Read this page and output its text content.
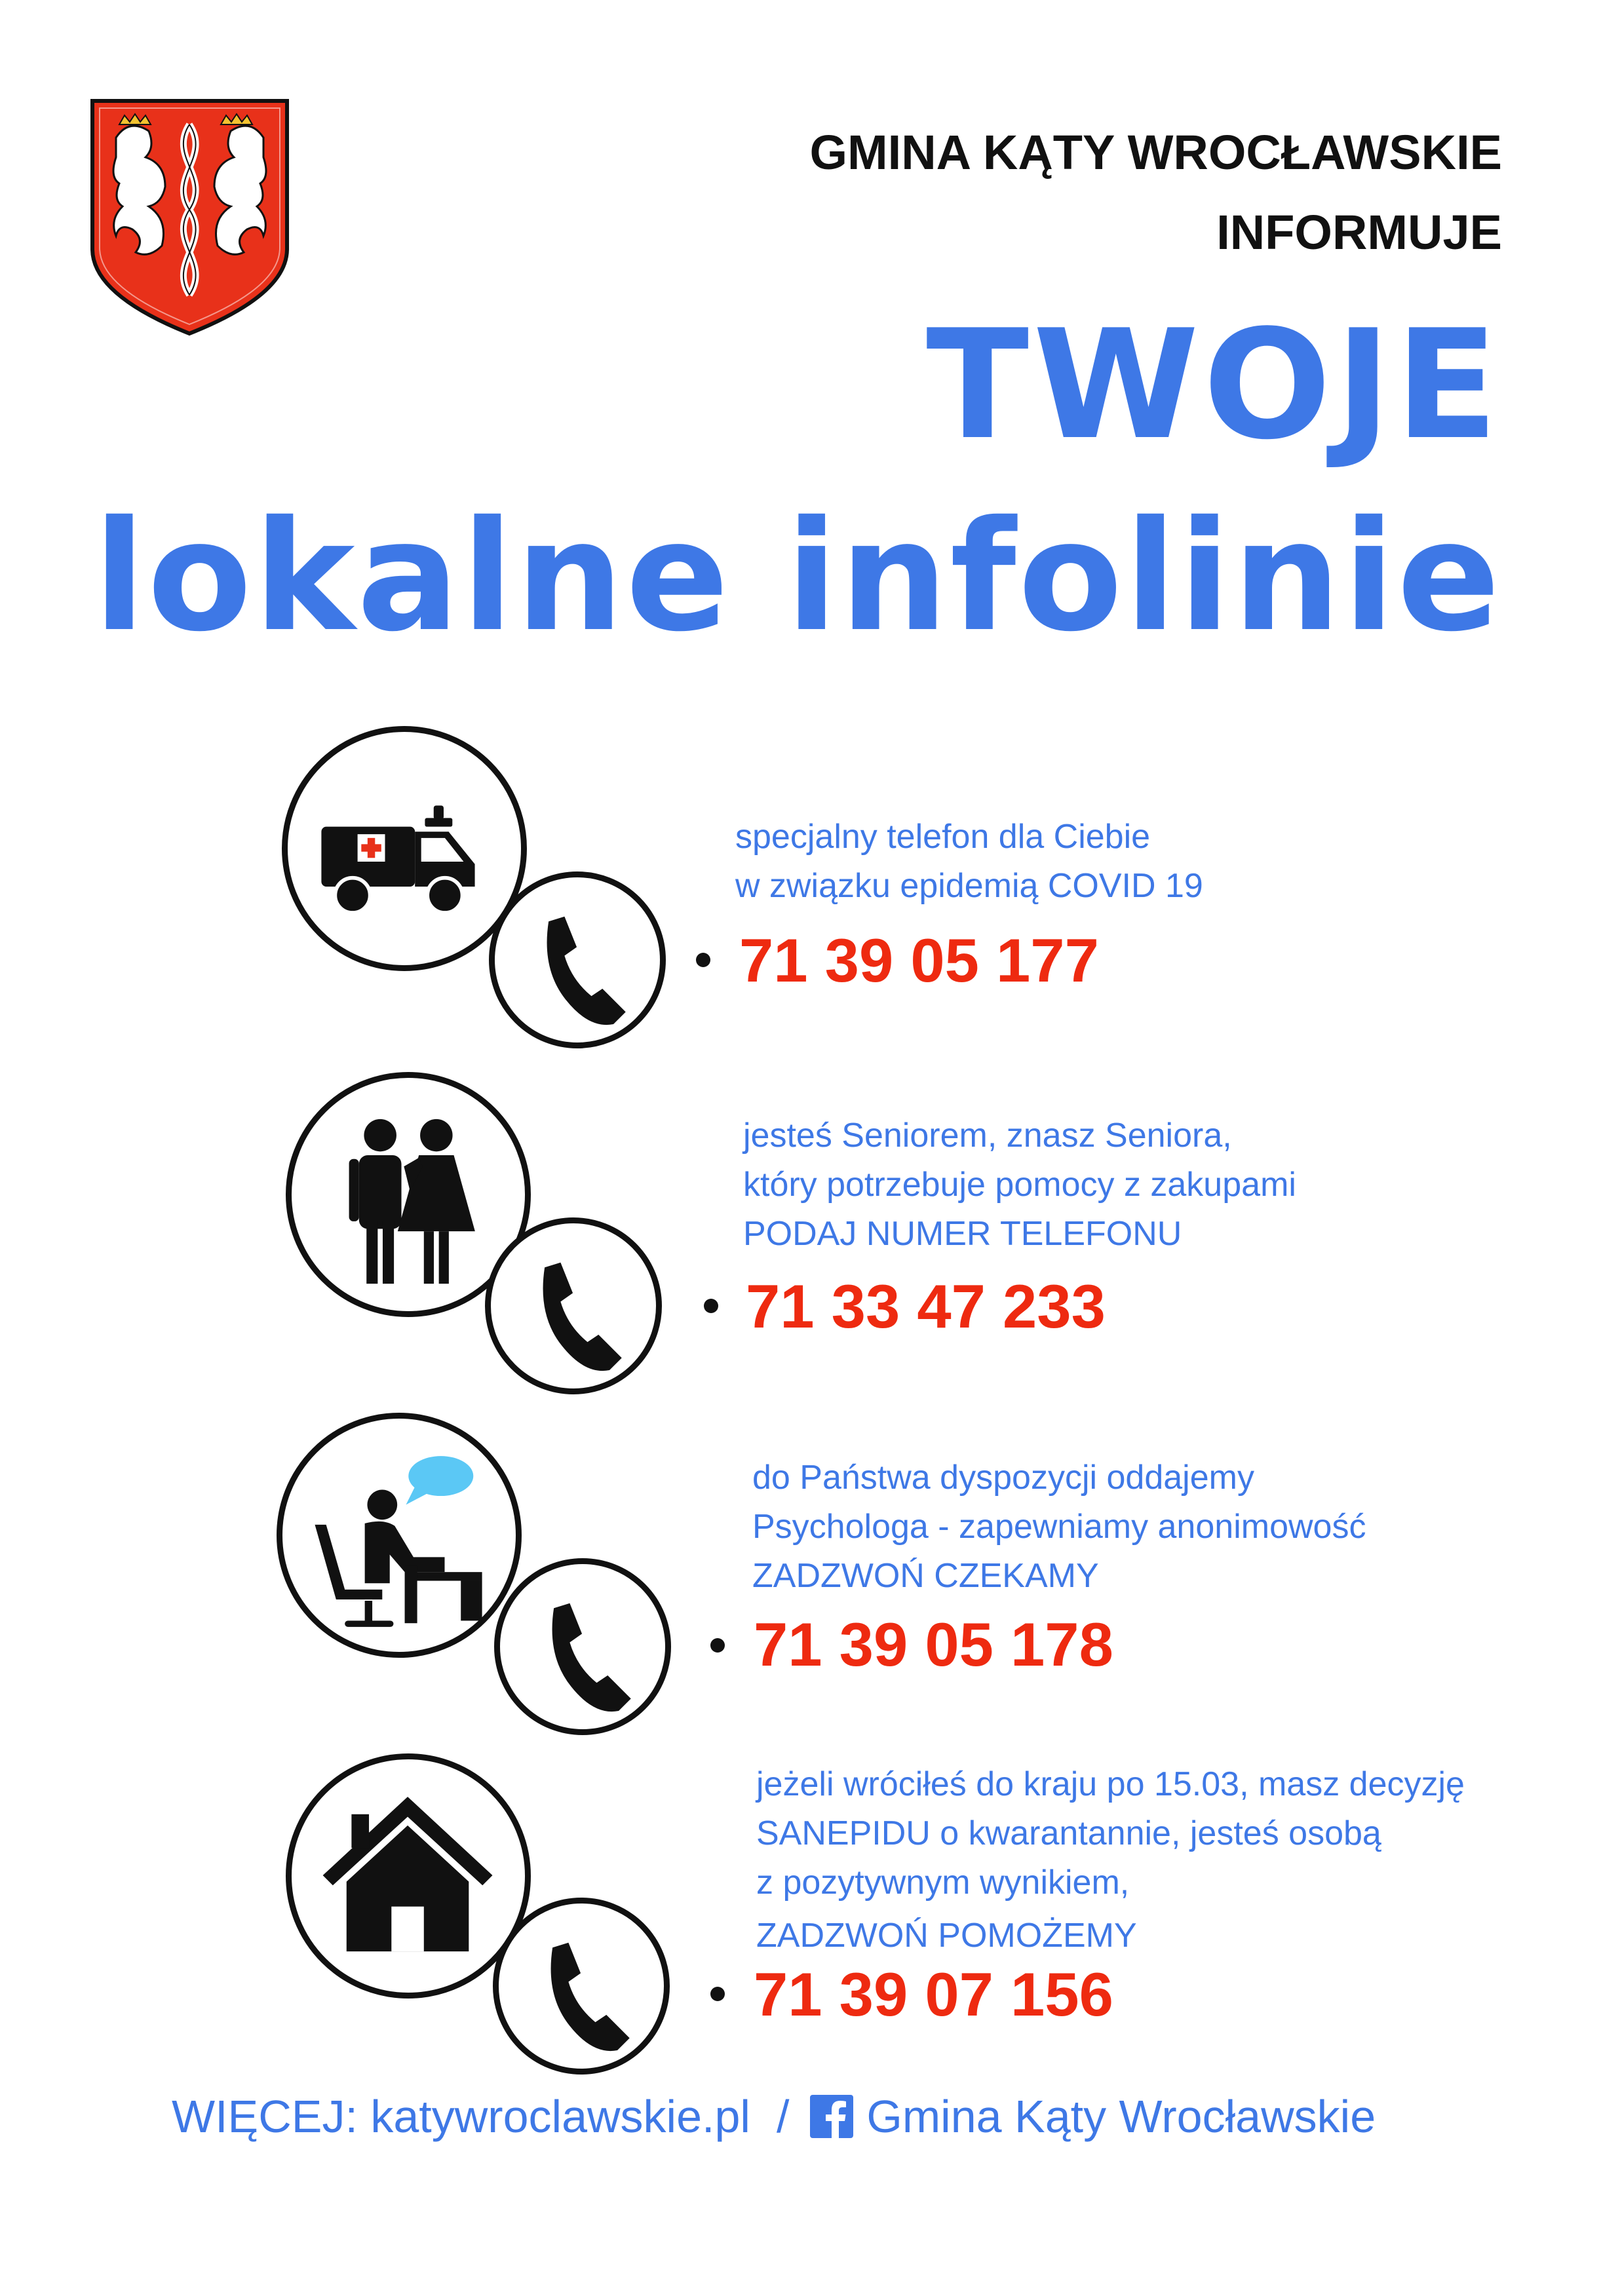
GMINA KĄTY WROCŁAWSKIE
INFORMUJE
TWOJE
lokalne infolinie
specjalny telefon dla Ciebie
w związku epidemią COVID 19
71 39 05 177
jesteś Seniorem, znasz Seniora,
który potrzebuje pomocy z zakupami
PODAJ NUMER TELEFONU
71 33 47 233
do Państwa dyspozycji oddajemy
Psychologa - zapewniamy anonimowość
ZADZWOŃ CZEKAMY
71 39 05 178
jeżeli wróciłeś do kraju po 15.03, masz decyzję
SANEPIDU o kwarantannie, jesteś osobą
z pozytywnym wynikiem,
ZADZWOŃ POMOŻEMY
71 39 07 156
WIĘCEJ: katywroclawskie.pl / Gmina Kąty Wrocławskie
